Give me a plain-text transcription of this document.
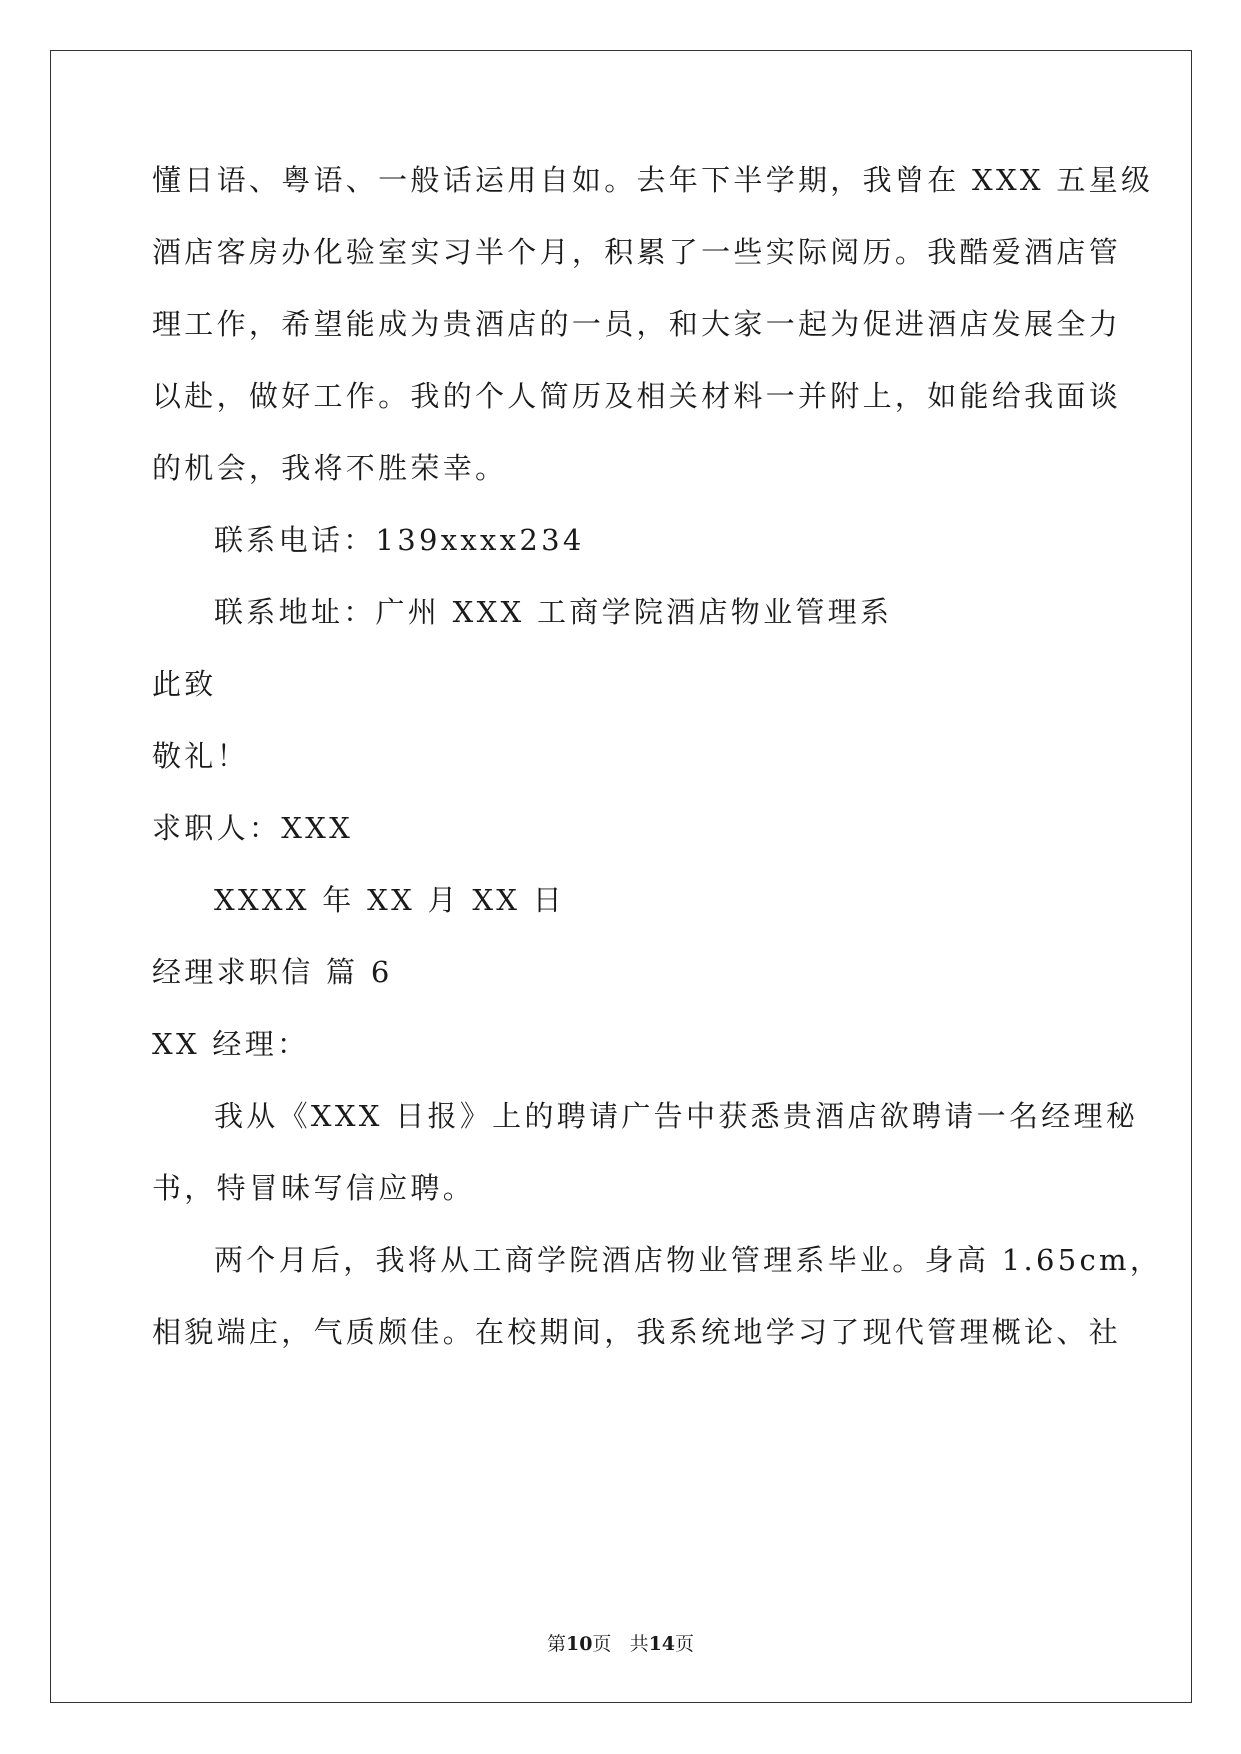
懂日语、粤语、一般话运用自如。去年下半学期，我曾在 XXX 五星级
酒店客房办化验室实习半个月，积累了一些实际阅历。我酷爱酒店管
理工作，希望能成为贵酒店的一员，和大家一起为促进酒店发展全力
以赴，做好工作。我的个人简历及相关材料一并附上，如能给我面谈
的机会，我将不胜荣幸。
联系电话：139xxxx234
联系地址：广州 XXX 工商学院酒店物业管理系
此致
敬礼！
求职人：XXX
XXXX 年 XX 月 XX 日
经理求职信 篇 6
XX 经理：
我从《XXX 日报》上的聘请广告中获悉贵酒店欲聘请一名经理秘
书，特冒昧写信应聘。
两个月后，我将从工商学院酒店物业管理系毕业。身高 1.65cm，
相貌端庄，气质颇佳。在校期间，我系统地学习了现代管理概论、社
第10页 共14页
